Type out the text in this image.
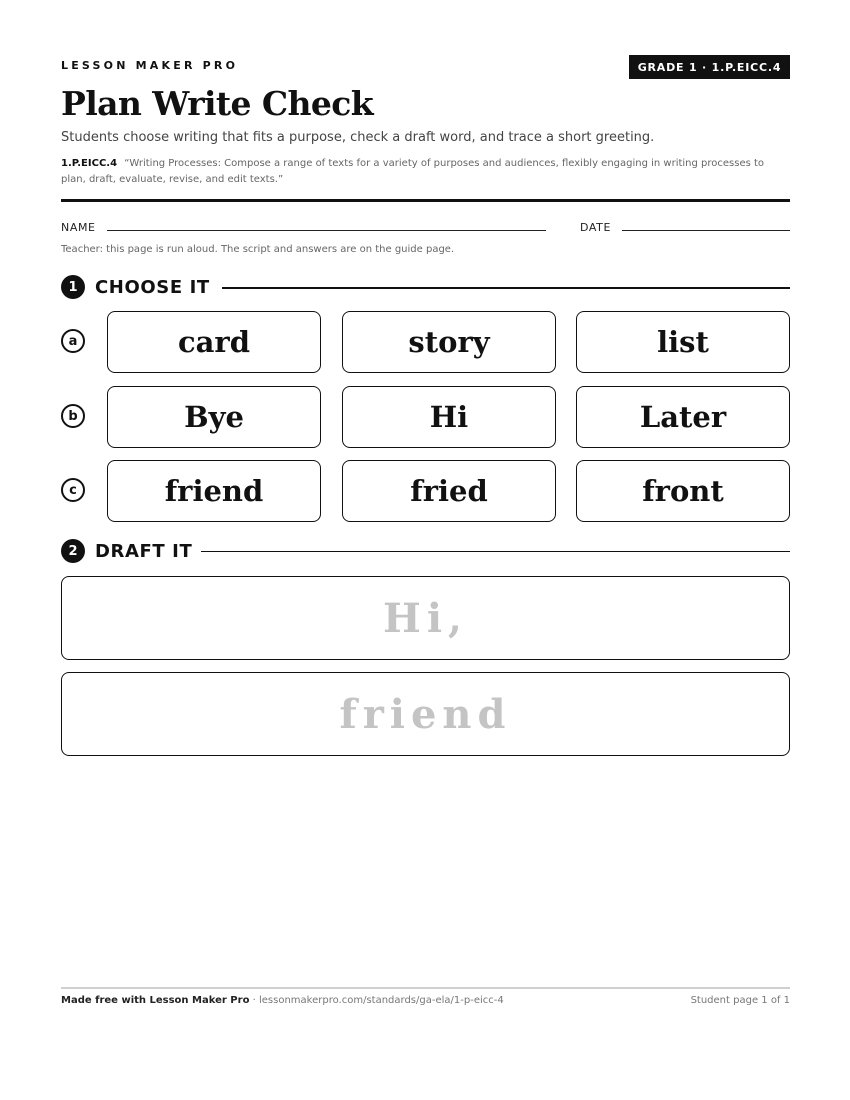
LESSON MAKER PRO	GRADE 1 · 1.P.EICC.4
Plan Write Check
Students choose writing that fits a purpose, check a draft word, and trace a short greeting.
1.P.EICC.4 “Writing Processes: Compose a range of texts for a variety of purposes and audiences, flexibly engaging in writing processes to plan, draft, evaluate, revise, and edit texts.”
NAME	DATE
Teacher: this page is run aloud. The script and answers are on the guide page.
1 CHOOSE IT
a	card	story	list
b	Bye	Hi	Later
c	friend	fried	front
2 DRAFT IT
Hi,
friend
Made free with Lesson Maker Pro · lessonmakerpro.com/standards/ga-ela/1-p-eicc-4	Student page 1 of 1
